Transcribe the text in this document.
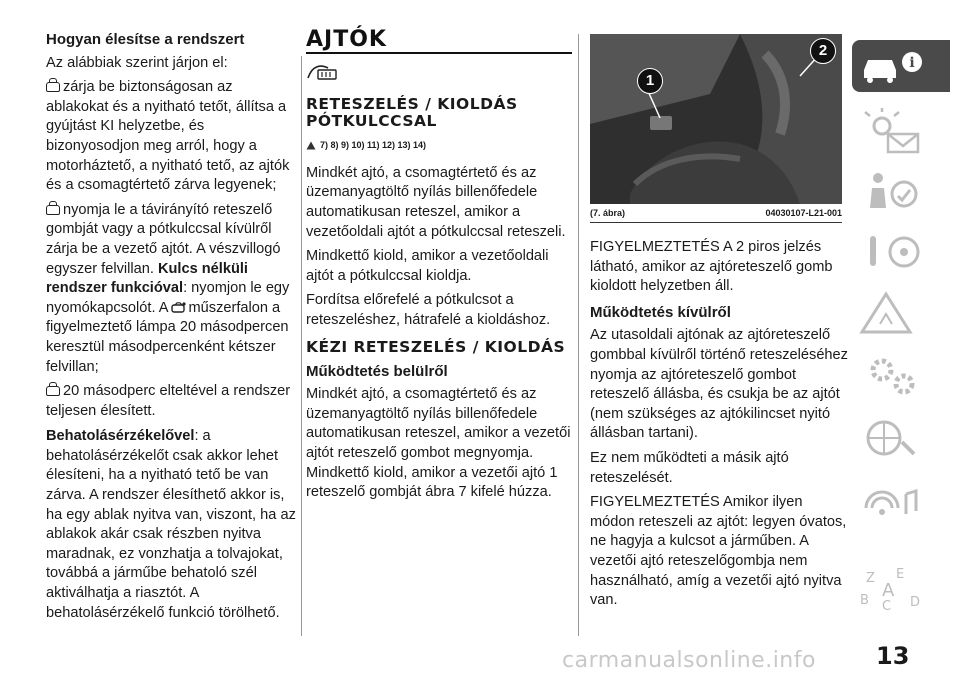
Hogyan élesítse a rendszert

Az alábbiak szerint járjon el:

zárja be biztonságosan az ablakokat és a nyitható tetőt, állítsa a gyújtást KI helyzetbe, és bizonyosodjon meg arról, hogy a motorháztető, a nyitható tető, az ajtók és a csomagtértető zárva legyenek;

nyomja le a távirányító reteszelő gombját vagy a pótkulccsal kívülről zárja be a vezető ajtót. A vészvillogó egyszer felvillan. Kulcs nélküli rendszer funkcióval: nyomjon le egy nyomókapcsolót. A műszerfalon a figyelmeztető lámpa 20 másodpercen keresztül másodpercenként kétszer felvillan;

20 másodperc elteltével a rendszer teljesen élesített.

Behatolásérzékelővel: a behatolásérzékelőt csak akkor lehet élesíteni, ha a nyitható tető be van zárva. A rendszer élesíthető akkor is, ha egy ablak nyitva van, viszont, ha az ablakok akár csak részben nyitva maradnak, ez vonzhatja a tolvajokat, továbbá a járműbe behatoló szél aktiválhatja a riasztót. A behatolásérzékelő funkció törölhető.

AJTÓK
RETESZELÉS / KIOLDÁS PÓTKULCCSAL
7) 8) 9) 10) 11) 12) 13) 14)

Mindkét ajtó, a csomagtértető és az üzemanyagtöltő nyílás billenőfedele automatikusan reteszel, amikor a vezetőoldali ajtót a pótkulccsal reteszeli.

Mindkettő kiold, amikor a vezetőoldali ajtót a pótkulccsal kioldja.

Fordítsa előrefelé a pótkulcsot a reteszeléshez, hátrafelé a kioldáshoz.

KÉZI RETESZELÉS / KIOLDÁS
Működtetés belülről

Mindkét ajtó, a csomagtértető és az üzemanyagtöltő nyílás billenőfedele automatikusan reteszel, amikor a vezetői ajtót reteszelő gombot megnyomja. Mindkettő kiold, amikor a vezetői ajtó 1 reteszelő gombját ábra 7 kifelé húzza.

1
2
(7. ábra)	04030107-L21-001

FIGYELMEZTETÉS A 2 piros jelzés látható, amikor az ajtóreteszelő gomb kioldott helyzetben áll.

Működtetés kívülről

Az utasoldali ajtónak az ajtóreteszelő gombbal kívülről történő reteszeléséhez nyomja az ajtóreteszelő gombot reteszelő állásba, és csukja be az ajtót (nem szükséges az ajtókilincset nyitó állásban tartani).

Ez nem működteti a másik ajtó reteszelését.

FIGYELMEZTETÉS Amikor ilyen módon reteszeli az ajtót: legyen óvatos, ne hagyja a kulcsot a járműben. A vezetői ajtó reteszelőgombja nem használható, amíg a vezetői ajtó nyitva van.

i
Z E
B C D
A
carmanualsonline.info	13
